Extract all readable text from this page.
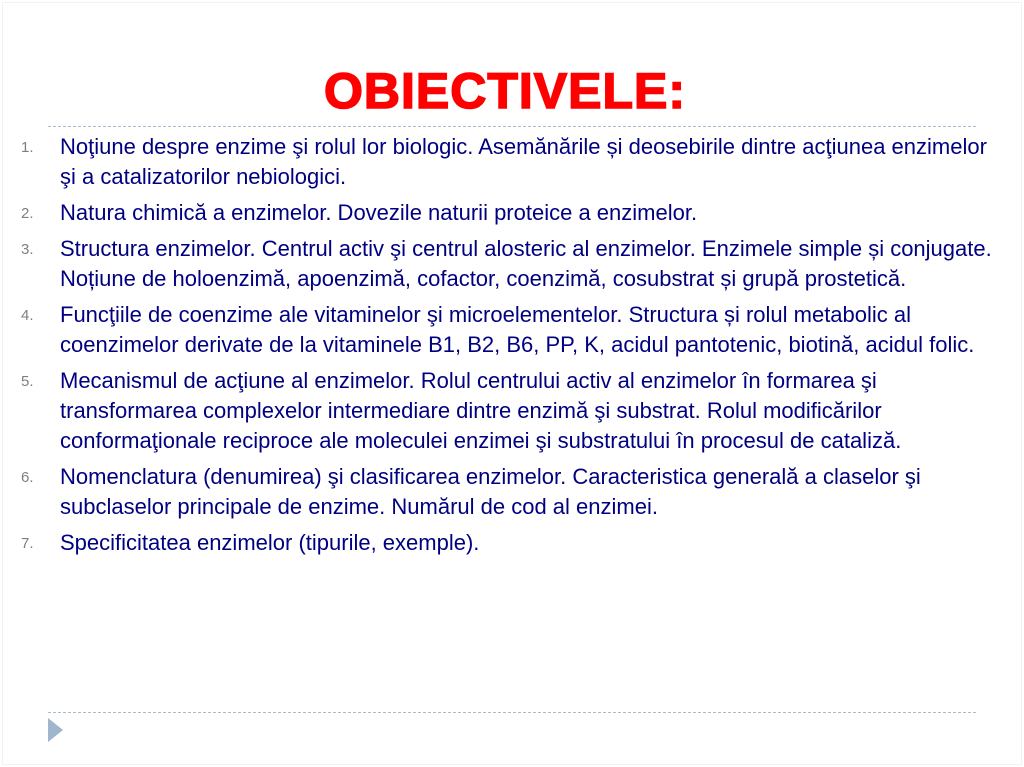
OBIECTIVELE:
1. Noţiune despre enzime şi rolul lor biologic. Asemănările și deosebirile dintre acţiunea enzimelor şi a catalizatorilor nebiologici.
2. Natura chimică a enzimelor. Dovezile naturii proteice a enzimelor.
3. Structura enzimelor. Centrul activ şi centrul alosteric al enzimelor. Enzimele simple și conjugate. Noțiune de holoenzimă, apoenzimă, cofactor, coenzimă, cosubstrat și grupă prostetică.
4. Funcţiile de coenzime ale vitaminelor şi microelementelor. Structura și rolul metabolic al coenzimelor derivate de la vitaminele B1, B2, B6, PP, K, acidul pantotenic, biotină, acidul folic.
5. Mecanismul de acţiune al enzimelor. Rolul centrului activ al enzimelor în formarea şi transformarea complexelor intermediare dintre enzimă şi substrat. Rolul modificărilor conformaţionale reciproce ale moleculei enzimei şi substratului în procesul de cataliză.
6. Nomenclatura (denumirea) şi clasificarea enzimelor. Caracteristica generală a claselor şi subclaselor principale de enzime. Numărul de cod al enzimei.
7. Specificitatea enzimelor (tipurile, exemple).
